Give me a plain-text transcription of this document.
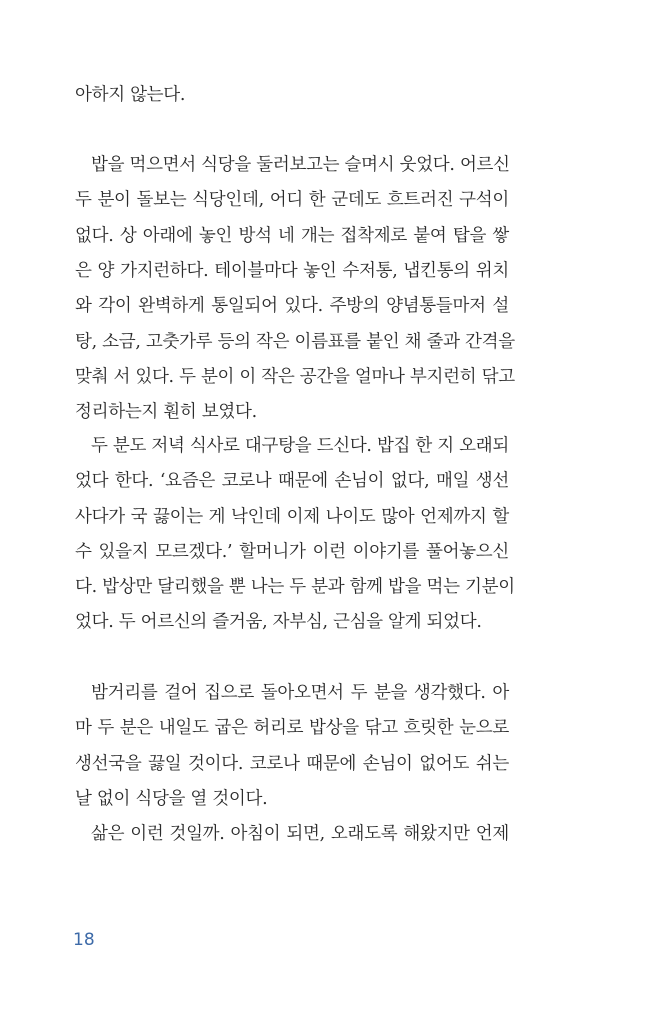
아하지 않는다.
밥을 먹으면서 식당을 둘러보고는 슬며시 웃었다. 어르신
두 분이 돌보는 식당인데, 어디 한 군데도 흐트러진 구석이
없다. 상 아래에 놓인 방석 네 개는 접착제로 붙여 탑을 쌓
은 양 가지런하다. 테이블마다 놓인 수저통, 냅킨통의 위치
와 각이 완벽하게 통일되어 있다. 주방의 양념통들마저 설
탕, 소금, 고춧가루 등의 작은 이름표를 붙인 채 줄과 간격을
맞춰 서 있다. 두 분이 이 작은 공간을 얼마나 부지런히 닦고
정리하는지 훤히 보였다.
두 분도 저녁 식사로 대구탕을 드신다. 밥집 한 지 오래되
었다 한다. ‘요즘은 코로나 때문에 손님이 없다, 매일 생선
사다가 국 끓이는 게 낙인데 이제 나이도 많아 언제까지 할
수 있을지 모르겠다.’ 할머니가 이런 이야기를 풀어놓으신
다. 밥상만 달리했을 뿐 나는 두 분과 함께 밥을 먹는 기분이
었다. 두 어르신의 즐거움, 자부심, 근심을 알게 되었다.
밤거리를 걸어 집으로 돌아오면서 두 분을 생각했다. 아
마 두 분은 내일도 굽은 허리로 밥상을 닦고 흐릿한 눈으로
생선국을 끓일 것이다. 코로나 때문에 손님이 없어도 쉬는
날 없이 식당을 열 것이다.
삶은 이런 것일까. 아침이 되면, 오래도록 해왔지만 언제
18
